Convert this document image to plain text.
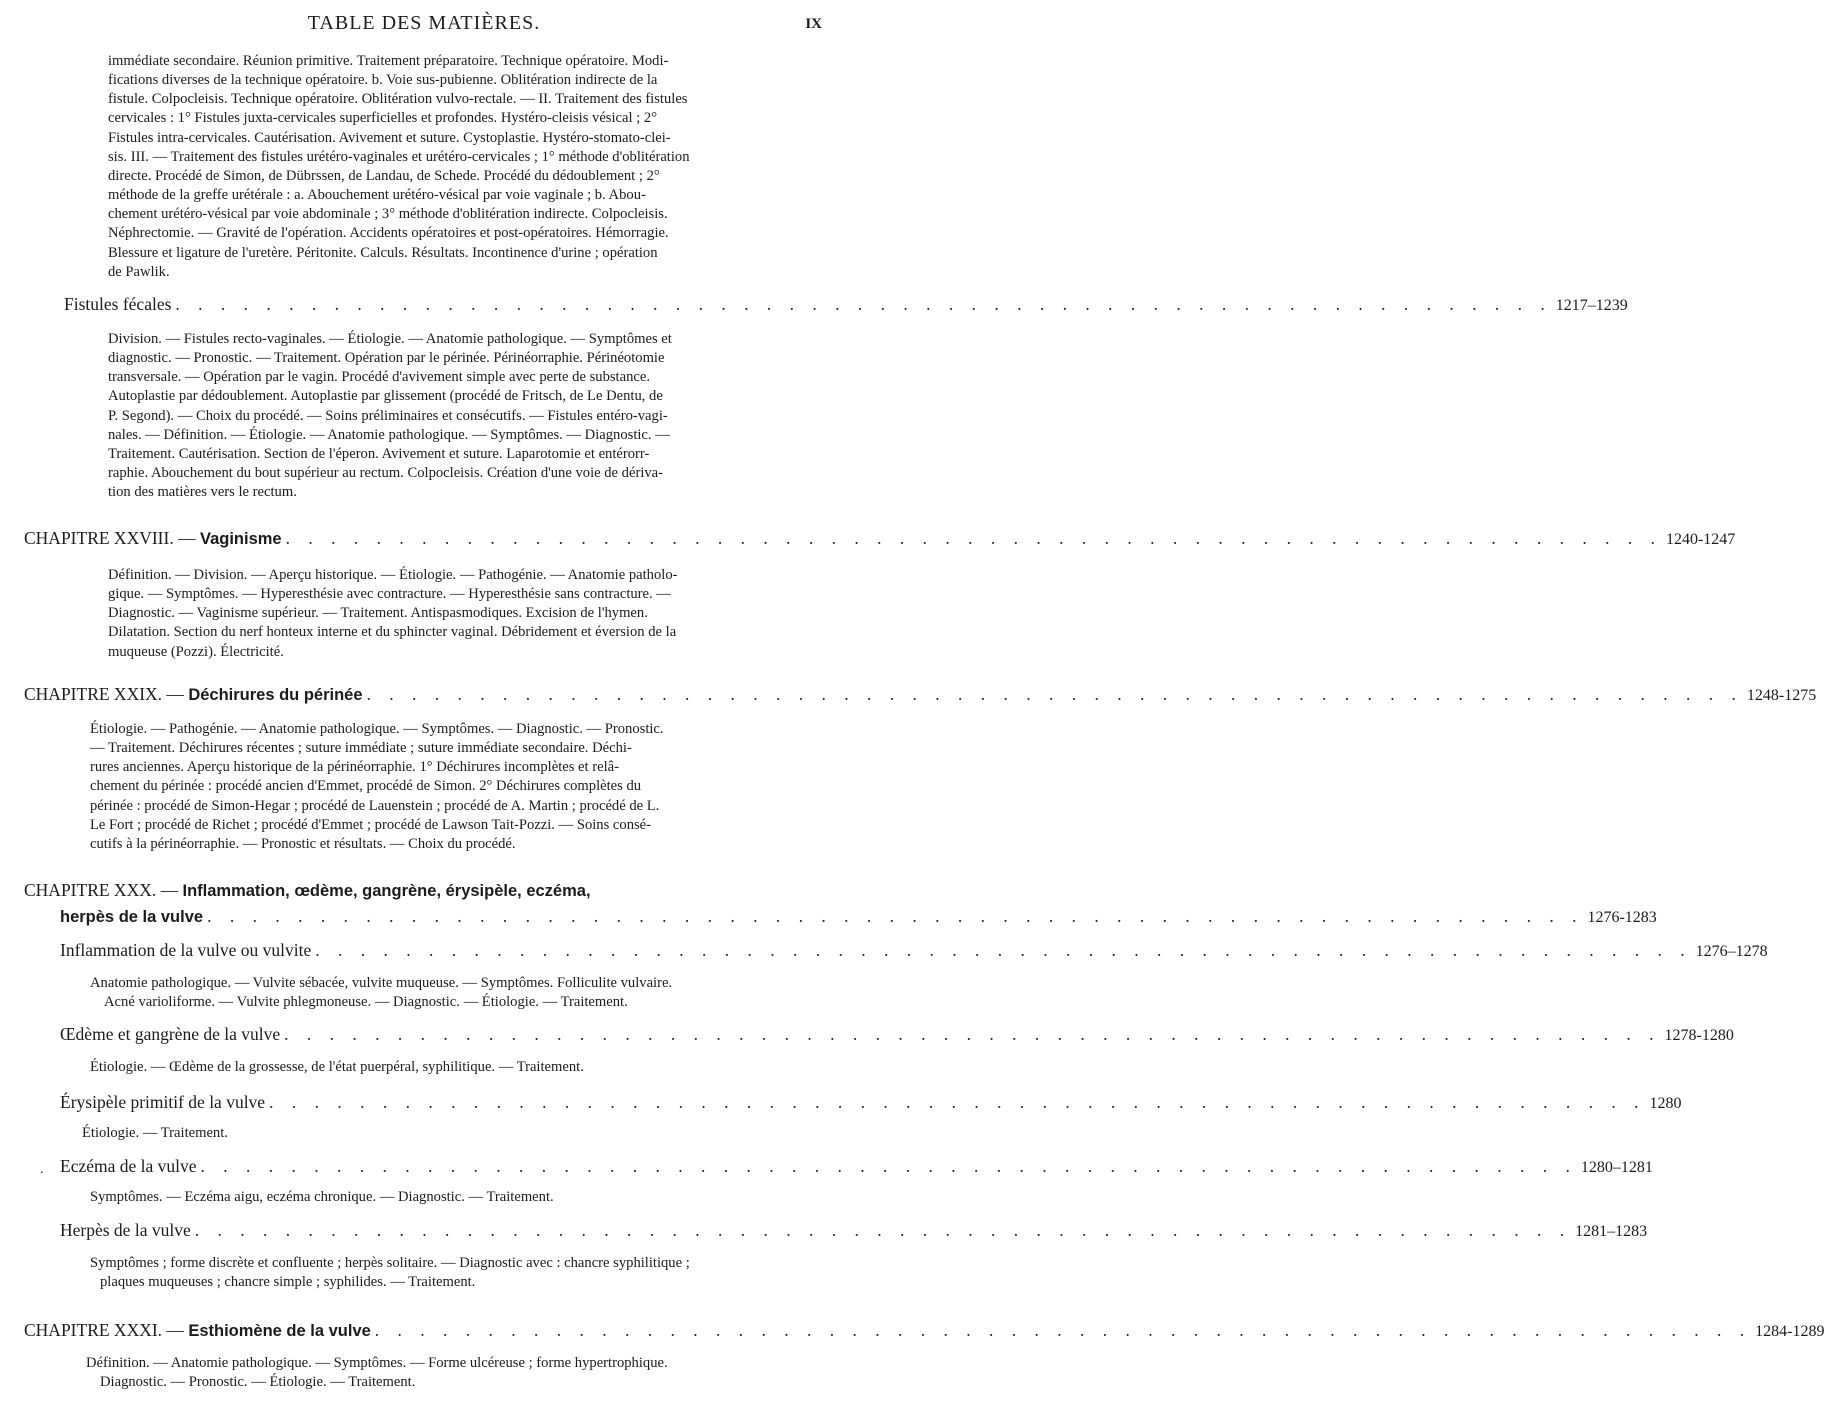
TABLE DES MATIÈRES.	IX
immédiate secondaire. Réunion primitive. Traitement préparatoire. Technique opératoire. Modi-
fications diverses de la technique opératoire. b. Voie sus-pubienne. Oblitération indirecte de la
fistule. Colpocleisis. Technique opératoire. Oblitération vulvo-rectale. — II. Traitement des fistules
cervicales : 1° Fistules juxta-cervicales superficielles et profondes. Hystéro-cleisis vésical ; 2°
Fistules intra-cervicales. Cautérisation. Avivement et suture. Cystoplastie. Hystéro-stomato-clei-
sis. III. — Traitement des fistules urétéro-vaginales et urétéro-cervicales ; 1° méthode d'oblitération
directe. Procédé de Simon, de Dübrssen, de Landau, de Schede. Procédé du dédoublement ; 2°
méthode de la greffe urétérale : a. Abouchement urétéro-vésical par voie vaginale ; b. Abou-
chement urétéro-vésical par voie abdominale ; 3° méthode d'oblitération indirecte. Colpocleisis.
Néphrectomie. — Gravité de l'opération. Accidents opératoires et post-opératoires. Hémorragie.
Blessure et ligature de l'uretère. Péritonite. Calculs. Résultats. Incontinence d'urine ; opération
de Pawlik.
Fistules fécales . . . . . . . . . . . . . . . . . . . . . . . . . . . . . . . . . . . . . . . . . . . . . . . . . . . . . . . . . . . . . 1217–1239
Division. — Fistules recto-vaginales. — Étiologie. — Anatomie pathologique. — Symptômes et
diagnostic. — Pronostic. — Traitement. Opération par le périnée. Périnéorraphie. Périnéotomie
transversale. — Opération par le vagin. Procédé d'avivement simple avec perte de substance.
Autoplastie par dédoublement. Autoplastie par glissement (procédé de Fritsch, de Le Dentu, de
P. Segond). — Choix du procédé. — Soins préliminaires et consécutifs. — Fistules entéro-vagi-
nales. — Définition. — Étiologie. — Anatomie pathologique. — Symptômes. — Diagnostic. —
Traitement. Cautérisation. Section de l'éperon. Avivement et suture. Laparotomie et entérorr-
raphie. Abouchement du bout supérieur au rectum. Colpocleisis. Création d'une voie de dériva-
tion des matières vers le rectum.
CHAPITRE XXVIII. — Vaginisme . . . . . . . . . . . . . . . . . . . . . . . . . . . . . . . . . . . . . . . . . . . . . . . . . . . . . . . . . . . . . 1240-1247
Définition. — Division. — Aperçu historique. — Étiologie. — Pathogénie. — Anatomie patholo-
gique. — Symptômes. — Hyperesthésie avec contracture. — Hyperesthésie sans contracture. —
Diagnostic. — Vaginisme supérieur. — Traitement. Antispasmodiques. Excision de l'hymen.
Dilatation. Section du nerf honteux interne et du sphincter vaginal. Débridement et éversion de la
muqueuse (Pozzi). Électricité.
CHAPITRE XXIX. — Déchirures du périnée . . . . . . . . . . . . . . . . . . . . . . . . . . . . . . . . . . . . . . . . . . . . . . . . . . . . . . . . . . . . . 1248-1275
Étiologie. — Pathogénie. — Anatomie pathologique. — Symptômes. — Diagnostic. — Pronostic.
— Traitement. Déchirures récentes ; suture immédiate ; suture immédiate secondaire. Déchi-
rures anciennes. Aperçu historique de la périnéorraphie. 1° Déchirures incomplètes et relâ-
chement du périnée : procédé ancien d'Emmet, procédé de Simon. 2° Déchirures complètes du
périnée : procédé de Simon-Hegar ; procédé de Lauenstein ; procédé de A. Martin ; procédé de L.
Le Fort ; procédé de Richet ; procédé d'Emmet ; procédé de Lawson Tait-Pozzi. — Soins consé-
cutifs à la périnéorraphie. — Pronostic et résultats. — Choix du procédé.
CHAPITRE XXX. — Inflammation, œdème, gangrène, érysipèle, eczéma,
herpès de la vulve . . . . . . . . . . . . . . . . . . . . . . . . . . . . . . . . . . . . . . . . . . . . . . . . . . . . . . . . . . . . . 1276-1283
Inflammation de la vulve ou vulvite . . . . . . . . . . . . . . . . . . . . . . . . . . . . . . . . . . . . . . . . . . . . . . . . . . . . . . . . . . . . . 1276–1278
Anatomie pathologique. — Vulvite sébacée, vulvite muqueuse. — Symptômes. Folliculite vulvaire.
Acné varioliforme. — Vulvite phlegmoneuse. — Diagnostic. — Étiologie. — Traitement.
Œdème et gangrène de la vulve . . . . . . . . . . . . . . . . . . . . . . . . . . . . . . . . . . . . . . . . . . . . . . . . . . . . . . . . . . . . . 1278-1280
Étiologie. — Œdème de la grossesse, de l'état puerpéral, syphilitique. — Traitement.
Érysipèle primitif de la vulve . . . . . . . . . . . . . . . . . . . . . . . . . . . . . . . . . . . . . . . . . . . . . . . . . . . . . . . . . . . . . 1280
Étiologie. — Traitement.
. Eczéma de la vulve . . . . . . . . . . . . . . . . . . . . . . . . . . . . . . . . . . . . . . . . . . . . . . . . . . . . . . . . . . . . . 1280–1281
Symptômes. — Eczéma aigu, eczéma chronique. — Diagnostic. — Traitement.
Herpès de la vulve . . . . . . . . . . . . . . . . . . . . . . . . . . . . . . . . . . . . . . . . . . . . . . . . . . . . . . . . . . . . . 1281–1283
Symptômes ; forme discrète et confluente ; herpès solitaire. — Diagnostic avec : chancre syphilitique ;
plaques muqueuses ; chancre simple ; syphilides. — Traitement.
CHAPITRE XXXI. — Esthiomène de la vulve . . . . . . . . . . . . . . . . . . . . . . . . . . . . . . . . . . . . . . . . . . . . . . . . . . . . . . . . . . . . . 1284-1289
Définition. — Anatomie pathologique. — Symptômes. — Forme ulcéreuse ; forme hypertrophique.
Diagnostic. — Pronostic. — Étiologie. — Traitement.
